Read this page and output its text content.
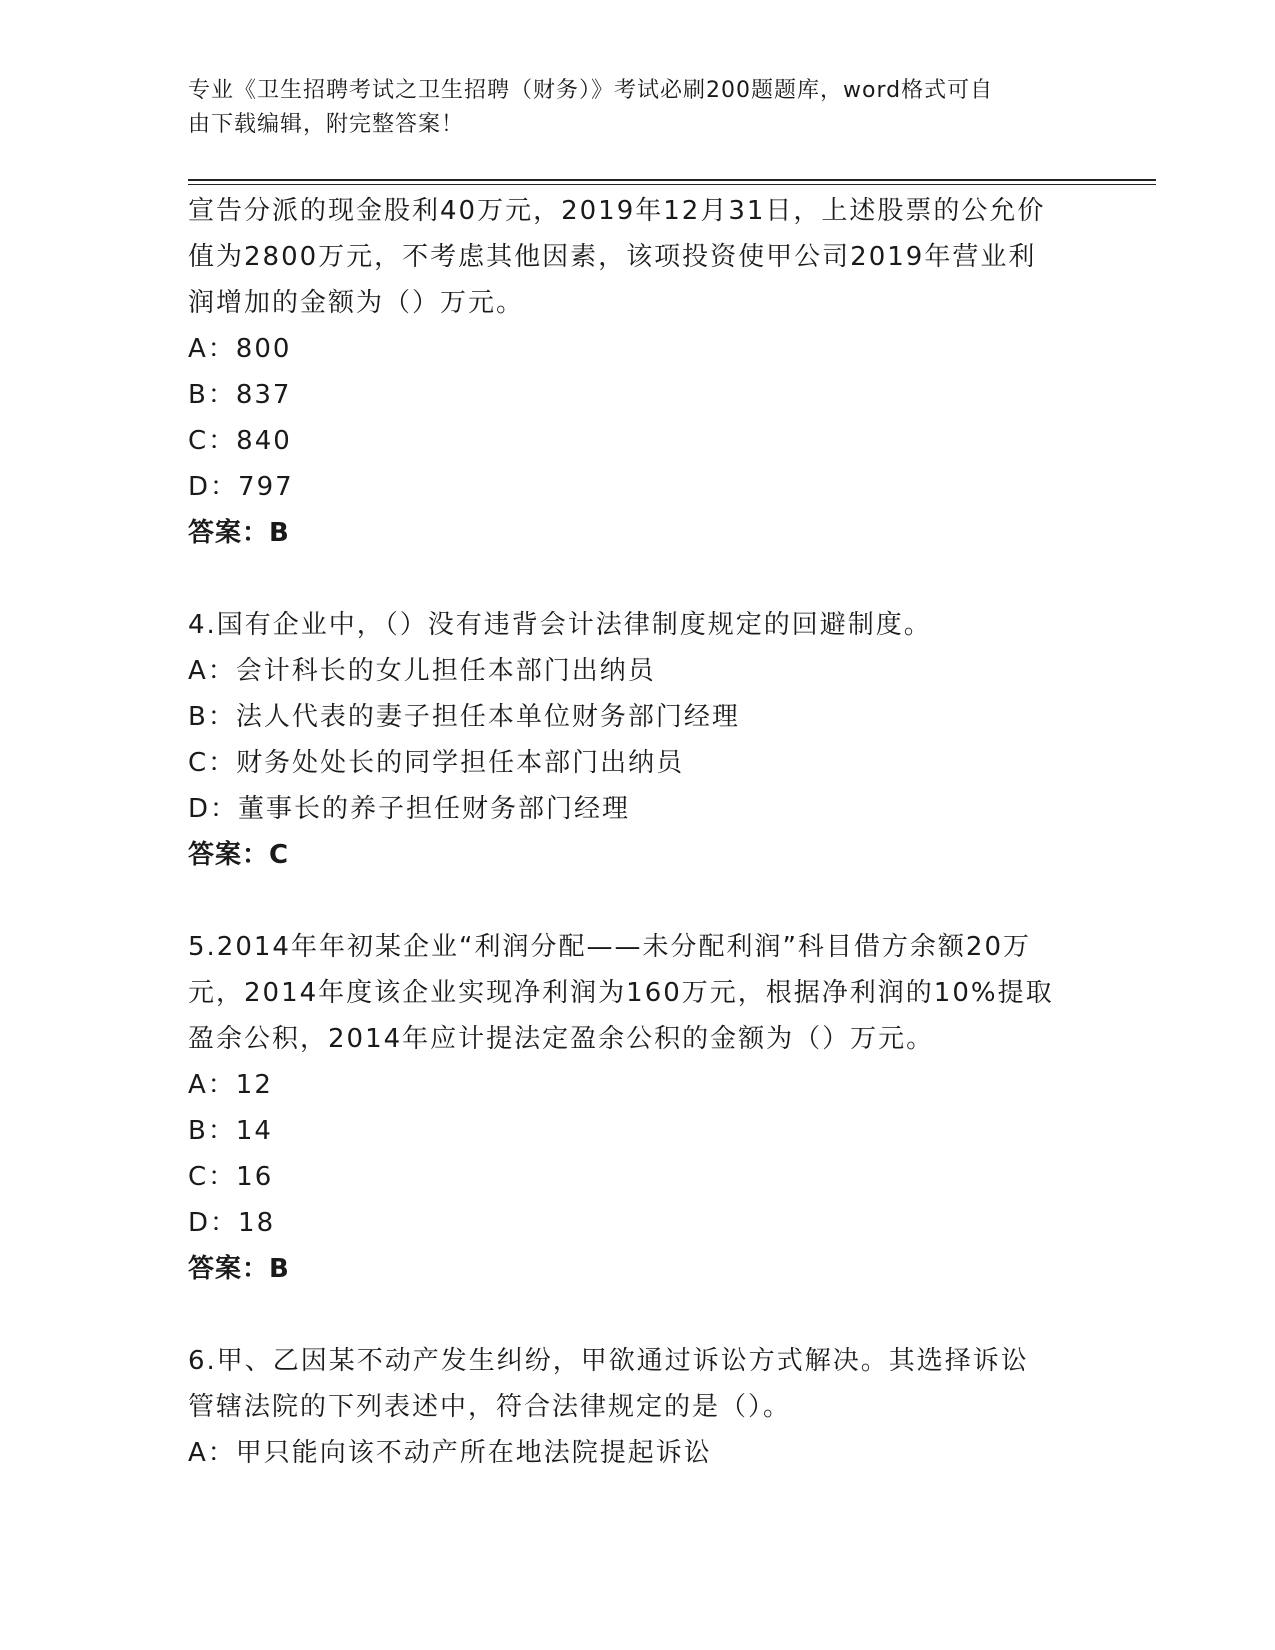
专业《卫生招聘考试之卫生招聘（财务）》考试必刷200题题库，word格式可自
由下载编辑，附完整答案！
宣告分派的现金股利40万元，2019年12月31日，上述股票的公允价
值为2800万元，不考虑其他因素，该项投资使甲公司2019年营业利
润增加的金额为（）万元。
A：800
B：837
C：840
D：797
答案：B
4.国有企业中，（）没有违背会计法律制度规定的回避制度。
A：会计科长的女儿担任本部门出纳员
B：法人代表的妻子担任本单位财务部门经理
C：财务处处长的同学担任本部门出纳员
D：董事长的养子担任财务部门经理
答案：C
5.2014年年初某企业“利润分配——未分配利润”科目借方余额20万
元，2014年度该企业实现净利润为160万元，根据净利润的10%提取
盈余公积，2014年应计提法定盈余公积的金额为（）万元。
A：12
B：14
C：16
D：18
答案：B
6.甲、乙因某不动产发生纠纷，甲欲通过诉讼方式解决。其选择诉讼
管辖法院的下列表述中，符合法律规定的是（）。
A：甲只能向该不动产所在地法院提起诉讼
